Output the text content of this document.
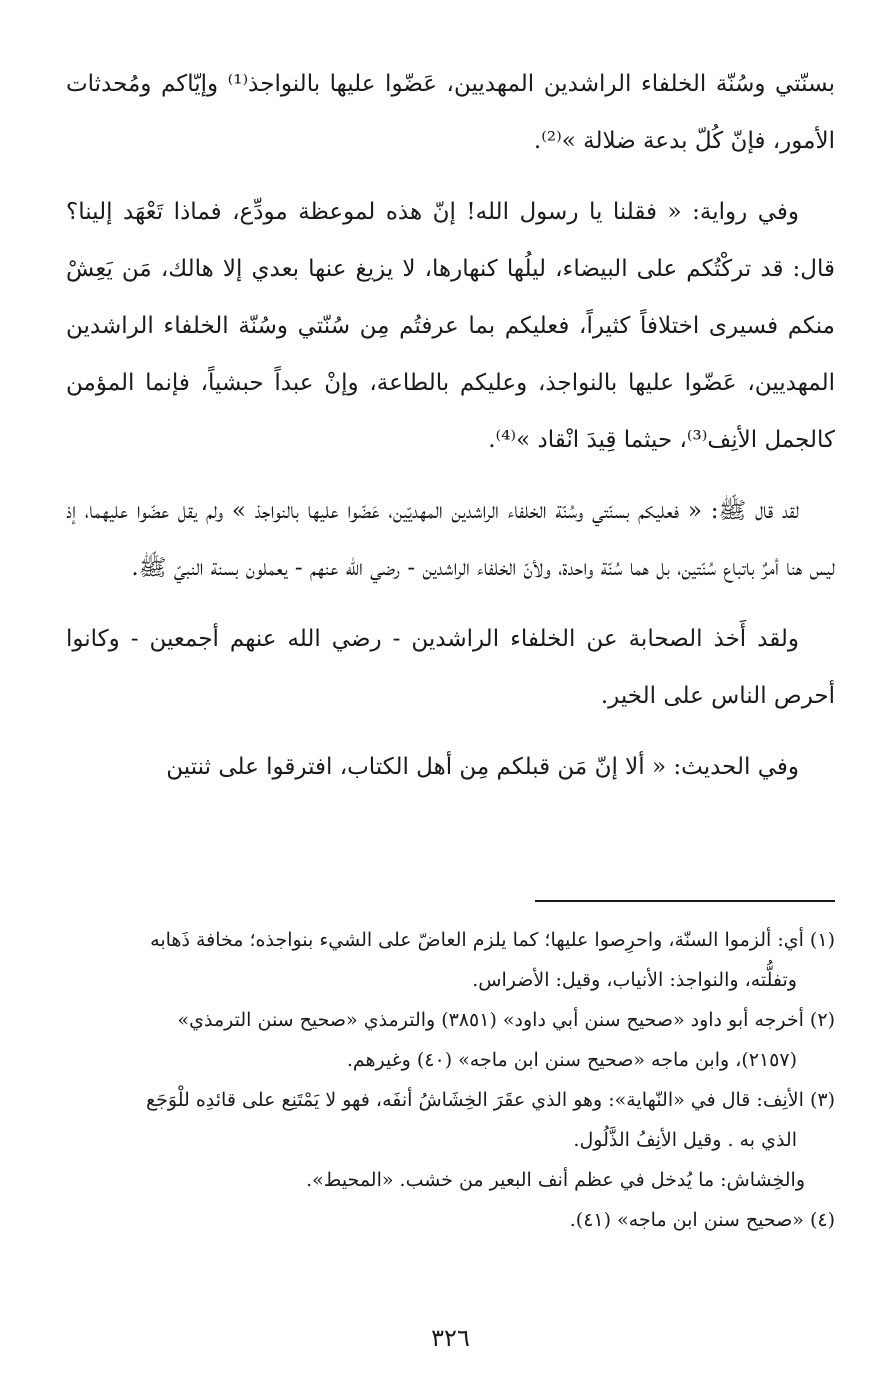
بسنّتي وسُنّة الخلفاء الراشدين المهديين، عَضّوا عليها بالنواجذ⁽¹⁾ وإيّاكم ومُحدثات الأمور، فإنّ كُلّ بدعة ضلالة »⁽²⁾.

وفي رواية: « فقلنا يا رسول الله! إنّ هذه لموعظة مودِّع، فماذا تَعْهَد إلينا؟ قال: قد تركْتُكم على البيضاء، ليلُها كنهارها، لا يزيغ عنها بعدي إلا هالك، مَن يَعِشْ منكم فسيرى اختلافاً كثيراً، فعليكم بما عرفتُم مِن سُنّتي وسُنّة الخلفاء الراشدين المهديين، عَضّوا عليها بالنواجذ، وعليكم بالطاعة، وإنْ عبداً حبشياً، فإنما المؤمن كالجمل الأنِف⁽³⁾، حيثما قِيدَ انْقاد »⁽⁴⁾.

لقد قال ﷺ: « فعليكم بسنّتي وسُنّة الخلفاء الراشدين المهديّين، عَضّوا عليها بالنواجذ » ولم يقل عضّوا عليهما، إذ ليس هنا أمرٌ باتباع سُنّتين، بل هما سُنّة واحدة، ولأنّ الخلفاء الراشدين - رضي الله عنهم - يعملون بسنة النبيّ ﷺ.

ولقد أَخذ الصحابة عن الخلفاء الراشدين - رضي الله عنهم أجمعين - وكانوا أحرص الناس على الخير.

وفي الحديث: « ألا إنّ مَن قبلكم مِن أهل الكتاب، افترقوا على ثنتين

(١) أي: ألزموا السنّة، واحرِصوا عليها؛ كما يلزم العاضّ على الشيء بنواجذه؛ مخافة ذَهابه

وتفلُّته، والنواجذ: الأنياب، وقيل: الأضراس.

(٢) أخرجه أبو داود «صحيح سنن أبي داود» (٣٨٥١) والترمذي «صحيح سنن الترمذي»

(٢١٥٧)، وابن ماجه «صحيح سنن ابن ماجه» (٤٠) وغيرهم.

(٣) الأنِف: قال في «النّهاية»: وهو الذي عقَرَ الخِشَاشُ أنفَه، فهو لا يَمْتَنِع على قائدِه للْوَجَع

الذي به . وقيل الأنِفُ الذَّلُول.

والخِشاش: ما يُدخل في عظم أنف البعير من خشب. «المحيط».

(٤) «صحيح سنن ابن ماجه» (٤١).

٣٢٦
